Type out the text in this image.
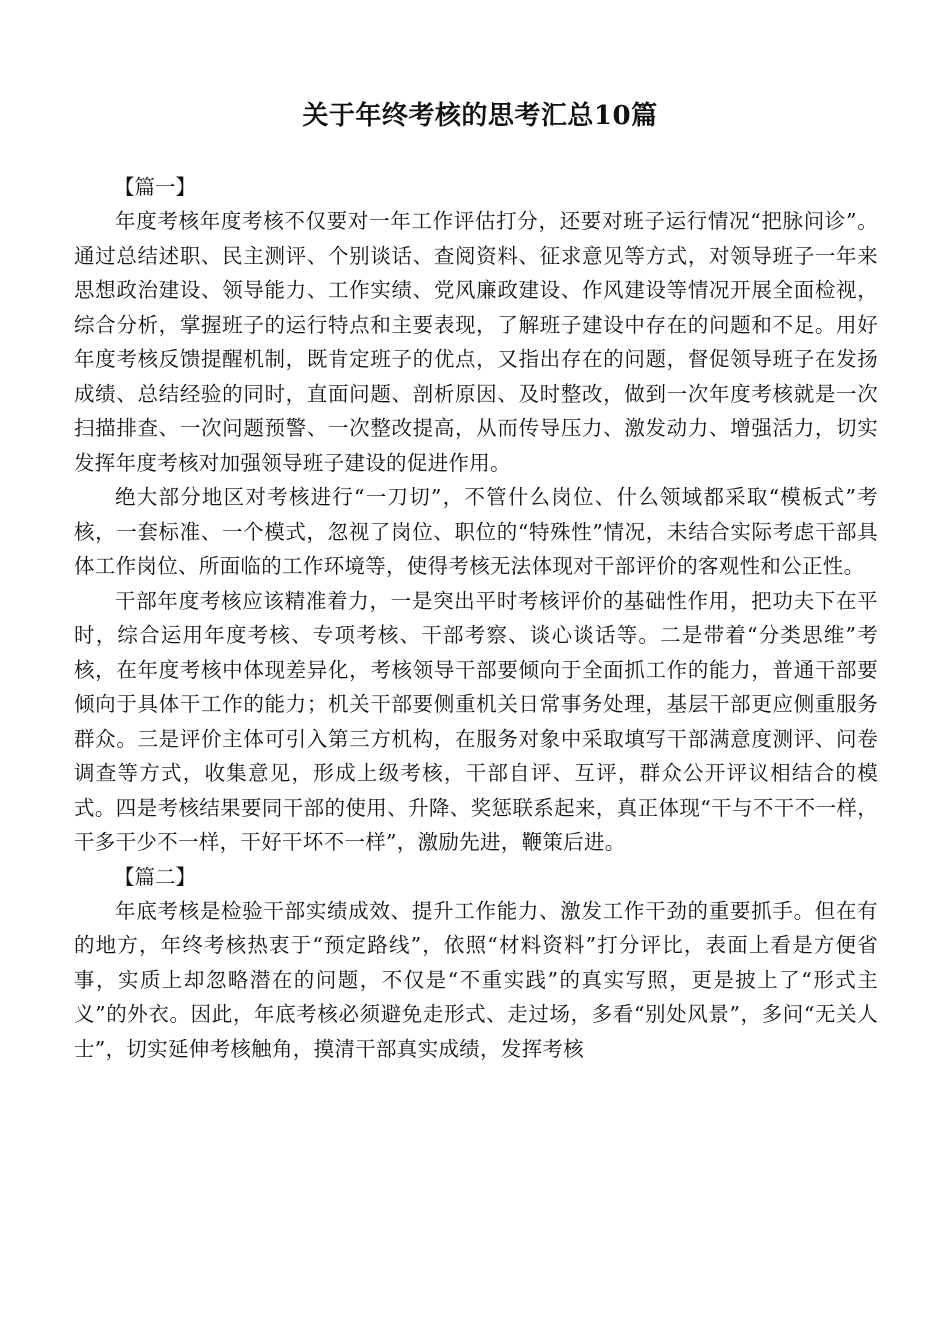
关于年终考核的思考汇总10篇

【篇一】

年度考核年度考核不仅要对一年工作评估打分，还要对班子运行情况“把脉问诊”。通过总结述职、民主测评、个别谈话、查阅资料、征求意见等方式，对领导班子一年来思想政治建设、领导能力、工作实绩、党风廉政建设、作风建设等情况开展全面检视，综合分析，掌握班子的运行特点和主要表现，了解班子建设中存在的问题和不足。用好年度考核反馈提醒机制，既肯定班子的优点，又指出存在的问题，督促领导班子在发扬成绩、总结经验的同时，直面问题、剖析原因、及时整改，做到一次年度考核就是一次扫描排查、一次问题预警、一次整改提高，从而传导压力、激发动力、增强活力，切实发挥年度考核对加强领导班子建设的促进作用。

绝大部分地区对考核进行“一刀切”，不管什么岗位、什么领域都采取“模板式”考核，一套标准、一个模式，忽视了岗位、职位的“特殊性”情况，未结合实际考虑干部具体工作岗位、所面临的工作环境等，使得考核无法体现对干部评价的客观性和公正性。

干部年度考核应该精准着力，一是突出平时考核评价的基础性作用，把功夫下在平时，综合运用年度考核、专项考核、干部考察、谈心谈话等。二是带着“分类思维”考核，在年度考核中体现差异化，考核领导干部要倾向于全面抓工作的能力，普通干部要倾向于具体干工作的能力；机关干部要侧重机关日常事务处理，基层干部更应侧重服务群众。三是评价主体可引入第三方机构，在服务对象中采取填写干部满意度测评、问卷调查等方式，收集意见，形成上级考核，干部自评、互评，群众公开评议相结合的模式。四是考核结果要同干部的使用、升降、奖惩联系起来，真正体现“干与不干不一样，干多干少不一样，干好干坏不一样”，激励先进，鞭策后进。

【篇二】

年底考核是检验干部实绩成效、提升工作能力、激发工作干劲的重要抓手。但在有的地方，年终考核热衷于“预定路线”，依照“材料资料”打分评比，表面上看是方便省事，实质上却忽略潜在的问题，不仅是“不重实践”的真实写照，更是披上了“形式主义”的外衣。因此，年底考核必须避免走形式、走过场，多看“别处风景”，多问“无关人士”，切实延伸考核触角，摸清干部真实成绩，发挥考核
